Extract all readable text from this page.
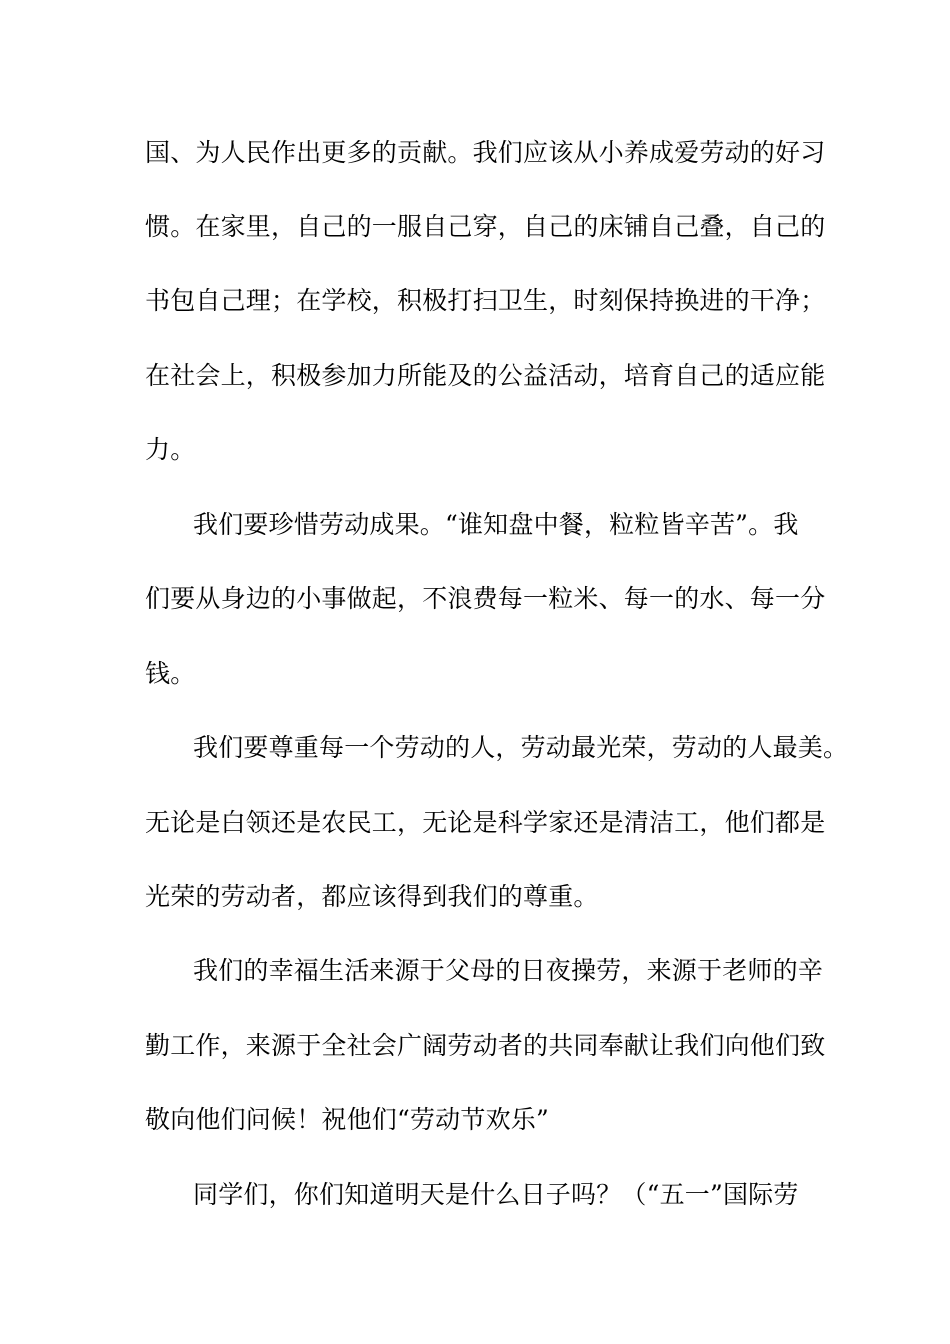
国、为人民作出更多的贡献。我们应该从小养成爱劳动的好习
惯。在家里，自己的一服自己穿，自己的床铺自己叠，自己的
书包自己理；在学校，积极打扫卫生，时刻保持换进的干净；
在社会上，积极参加力所能及的公益活动，培育自己的适应能
力。
我们要珍惜劳动成果。“谁知盘中餐，粒粒皆辛苦”。我
们要从身边的小事做起，不浪费每一粒米、每一的水、每一分
钱。
我们要尊重每一个劳动的人，劳动最光荣，劳动的人最美。
无论是白领还是农民工，无论是科学家还是清洁工，他们都是
光荣的劳动者，都应该得到我们的尊重。
我们的幸福生活来源于父母的日夜操劳，来源于老师的辛
勤工作，来源于全社会广阔劳动者的共同奉献让我们向他们致
敬向他们问候！祝他们“劳动节欢乐”
同学们，你们知道明天是什么日子吗？（“五一”国际劳
